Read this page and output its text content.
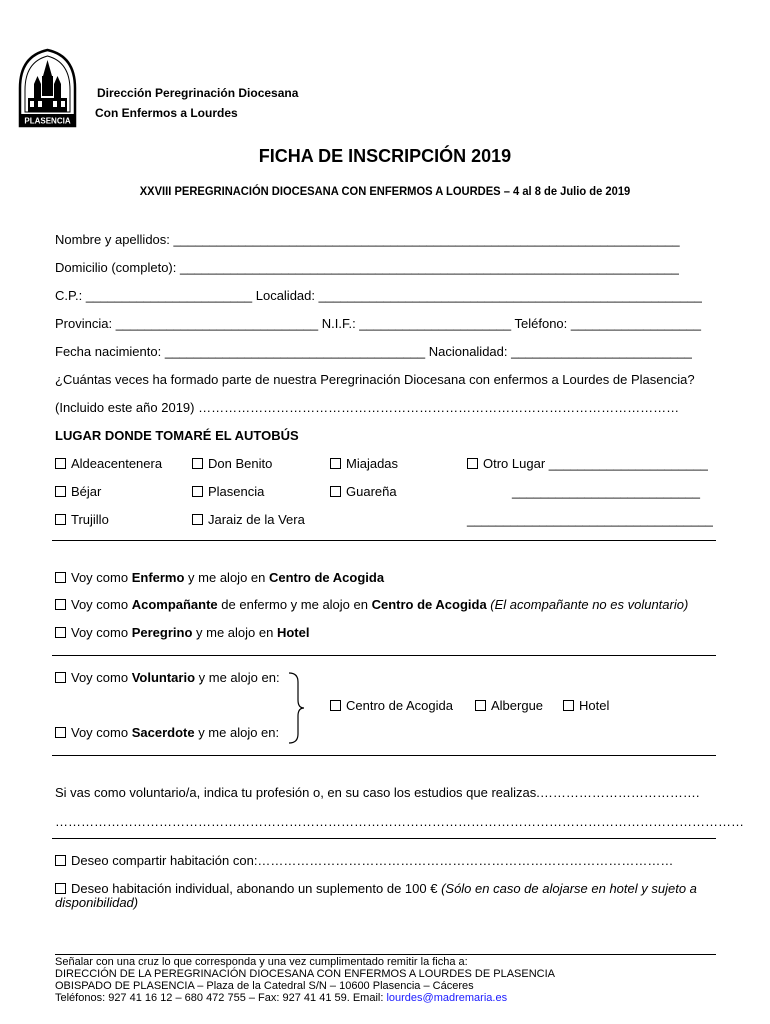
PLASENCIA
Dirección Peregrinación Diocesana
Con Enfermos a Lourdes
FICHA DE INSCRIPCIÓN 2019
XXVIII PEREGRINACIÓN DIOCESANA CON ENFERMOS A LOURDES – 4 al 8 de Julio de 2019
Nombre y apellidos: ______________________________________________________________________
Domicilio (completo): _____________________________________________________________________
C.P.: _______________________ Localidad: _____________________________________________________
Provincia: ____________________________ N.I.F.: _____________________ Teléfono: __________________
Fecha nacimiento: ____________________________________ Nacionalidad: _________________________
¿Cuántas veces ha formado parte de nuestra Peregrinación Diocesana con enfermos a Lourdes de Plasencia?
(Incluido este año 2019) …………………………………………………………………………………………………
LUGAR DONDE TOMARÉ EL AUTOBÚS
Aldeacentenera
Béjar
Trujillo
Don Benito
Plasencia
Jaraiz de la Vera
Miajadas
Guareña
Otro Lugar ______________________
__________________________
__________________________________
Voy como Enfermo y me alojo en Centro de Acogida
Voy como Acompañante de enfermo y me alojo en Centro de Acogida (El acompañante no es voluntario)
Voy como Peregrino y me alojo en Hotel
Voy como Voluntario y me alojo en:
Voy como Sacerdote y me alojo en:
Centro de Acogida	Albergue	Hotel
Si vas como voluntario/a, indica tu profesión o, en su caso los estudios que realizas.……………………………….
……………………………………………………………………………………………………………………………………………
Deseo compartir habitación con:……………………………………………………………………………………
Deseo habitación individual, abonando un suplemento de 100 € (Sólo en caso de alojarse en hotel y sujeto a
disponibilidad)
Señalar con una cruz lo que corresponda y una vez cumplimentado remitir la ficha a:
DIRECCIÓN DE LA PEREGRINACIÓN DIOCESANA CON ENFERMOS A LOURDES DE PLASENCIA
OBISPADO DE PLASENCIA – Plaza de la Catedral S/N – 10600 Plasencia – Cáceres
Teléfonos: 927 41 16 12 – 680 472 755 – Fax: 927 41 41 59. Email: lourdes@madremaria.es
